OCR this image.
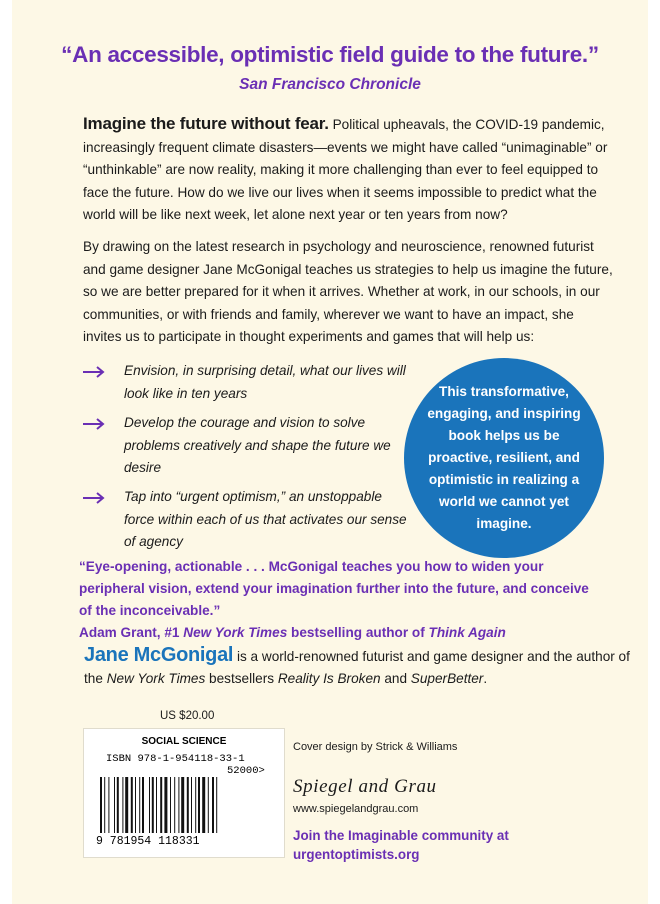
“An accessible, optimistic field guide to the future.”
San Francisco Chronicle
Imagine the future without fear. Political upheavals, the COVID-19 pandemic, increasingly frequent climate disasters—events we might have called “unimaginable” or “unthinkable” are now reality, making it more challenging than ever to feel equipped to face the future. How do we live our lives when it seems impossible to predict what the world will be like next week, let alone next year or ten years from now?
By drawing on the latest research in psychology and neuroscience, renowned futurist and game designer Jane McGonigal teaches us strategies to help us imagine the future, so we are better prepared for it when it arrives. Whether at work, in our schools, in our communities, or with friends and family, wherever we want to have an impact, she invites us to participate in thought experiments and games that will help us:
Envision, in surprising detail, what our lives will look like in ten years
Develop the courage and vision to solve problems creatively and shape the future we desire
Tap into “urgent optimism,” an unstoppable force within each of us that activates our sense of agency
This transformative, engaging, and inspiring book helps us be proactive, resilient, and optimistic in realizing a world we cannot yet imagine.
“Eye-opening, actionable . . . McGonigal teaches you how to widen your peripheral vision, extend your imagination further into the future, and conceive of the inconceivable.”
Adam Grant, #1 New York Times bestselling author of Think Again
Jane McGonigal is a world-renowned futurist and game designer and the author of the New York Times bestsellers Reality Is Broken and SuperBetter.
US $20.00
SOCIAL SCIENCE
ISBN 978-1-954118-33-1
52000>
9 781954 118331
Cover design by Strick & Williams
Spiegel and Grau
www.spiegelandgrau.com
Join the Imaginable community at urgentoptimists.org
